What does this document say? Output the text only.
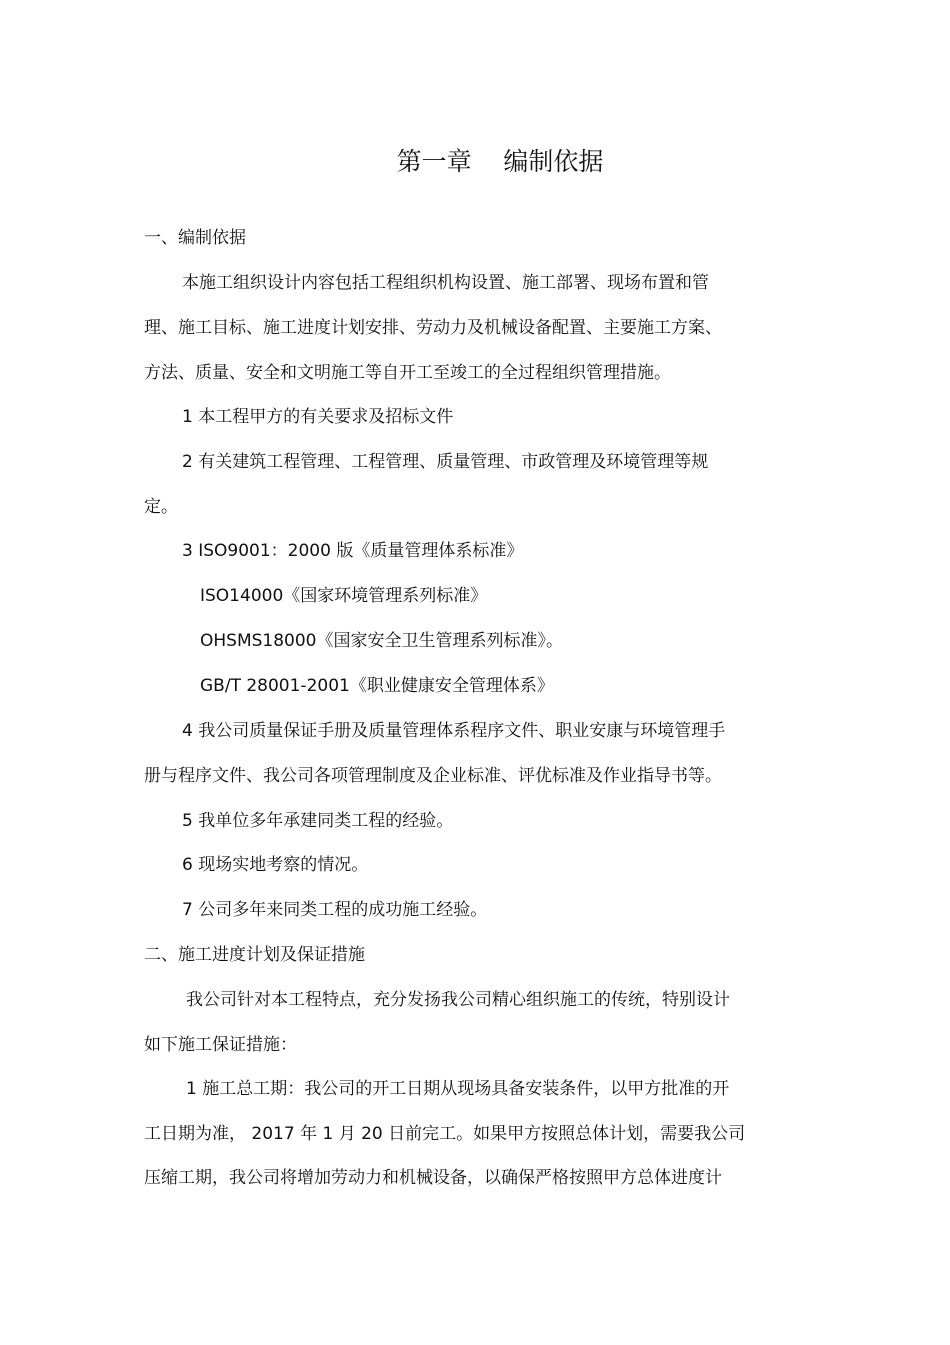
第一章    编制依据
一、编制依据
本施工组织设计内容包括工程组织机构设置、施工部署、现场布置和管
理、施工目标、施工进度计划安排、劳动力及机械设备配置、主要施工方案、
方法、质量、安全和文明施工等自开工至竣工的全过程组织管理措施。
1 本工程甲方的有关要求及招标文件
2 有关建筑工程管理、工程管理、质量管理、市政管理及环境管理等规
定。
3 ISO9001：2000 版《质量管理体系标准》
ISO14000《国家环境管理系列标准》
OHSMS18000《国家安全卫生管理系列标准》。
GB/T 28001-2001《职业健康安全管理体系》
4 我公司质量保证手册及质量管理体系程序文件、职业安康与环境管理手
册与程序文件、我公司各项管理制度及企业标准、评优标准及作业指导书等。
5 我单位多年承建同类工程的经验。
6 现场实地考察的情况。
7 公司多年来同类工程的成功施工经验。
二、施工进度计划及保证措施
我公司针对本工程特点，充分发扬我公司精心组织施工的传统，特别设计
如下施工保证措施：
1 施工总工期：我公司的开工日期从现场具备安装条件，以甲方批准的开
工日期为准， 2017 年 1 月 20 日前完工。如果甲方按照总体计划，需要我公司
压缩工期，我公司将增加劳动力和机械设备，以确保严格按照甲方总体进度计
